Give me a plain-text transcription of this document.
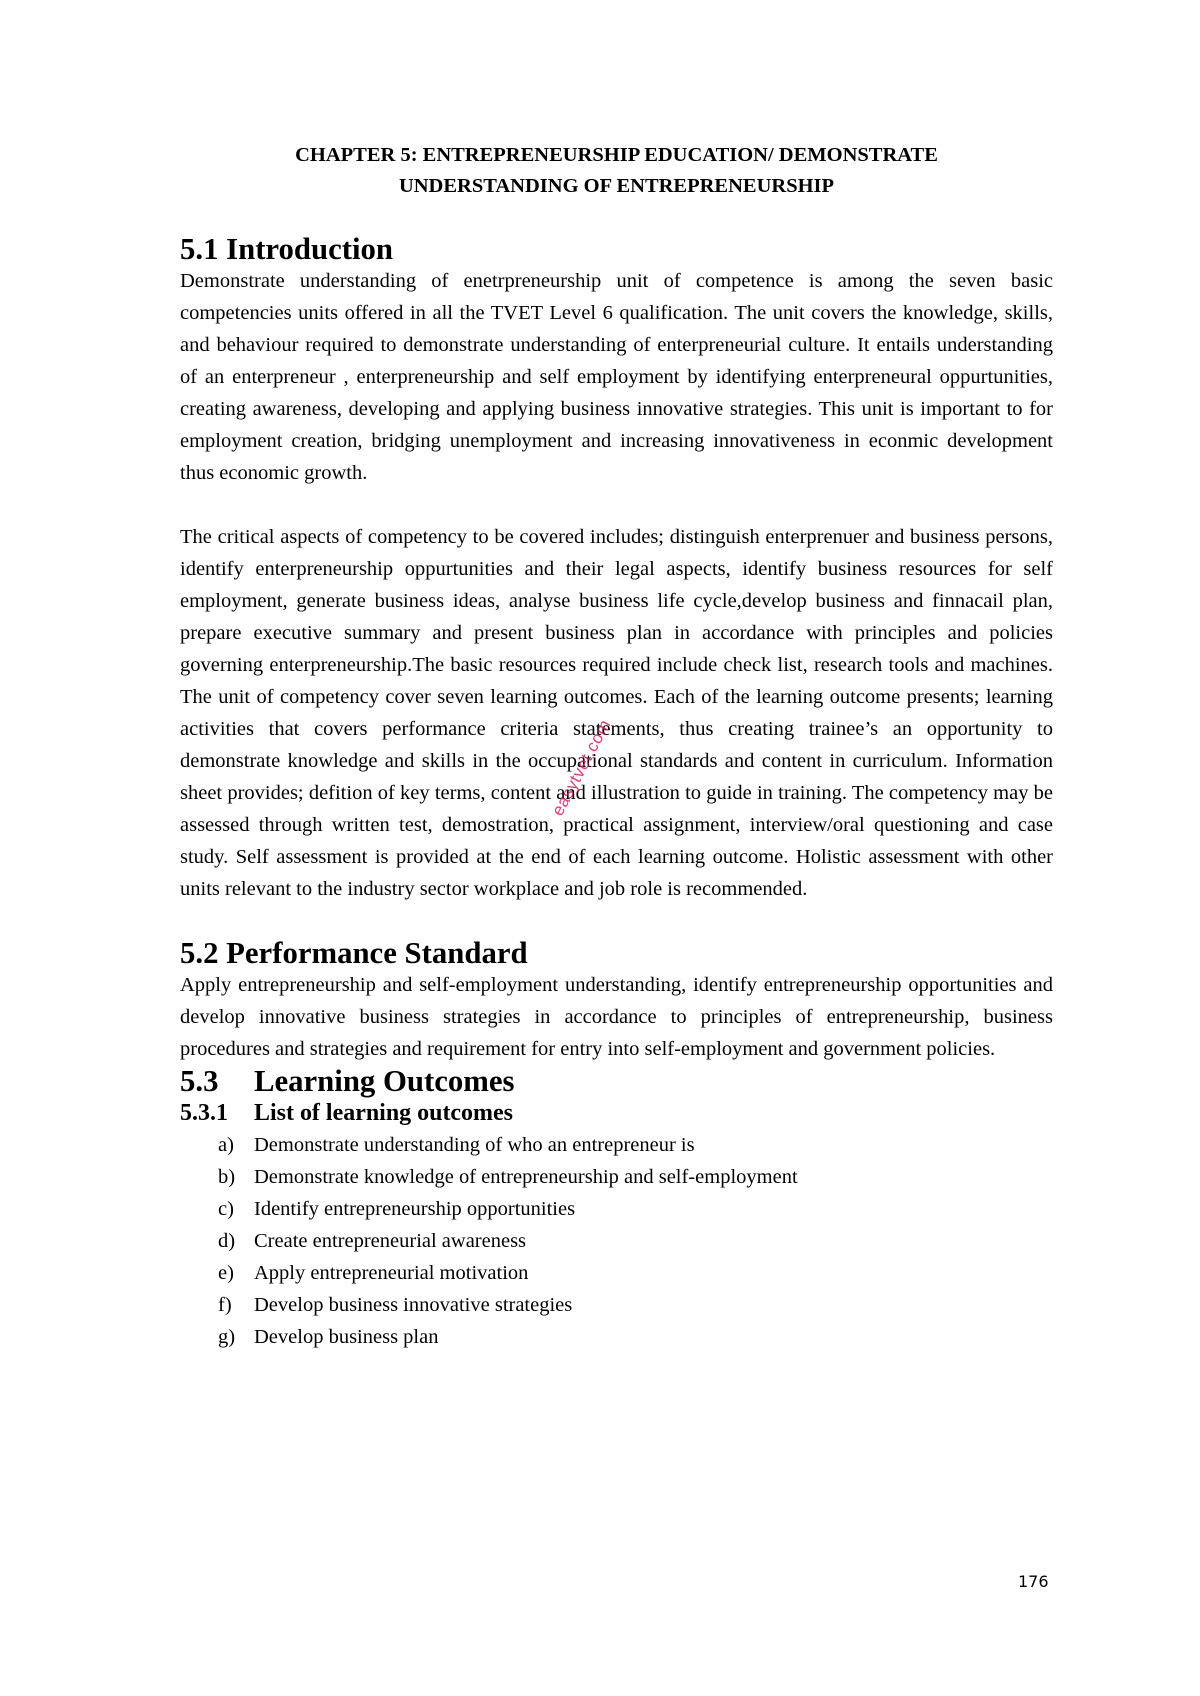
CHAPTER 5: ENTREPRENEURSHIP EDUCATION/ DEMONSTRATE
UNDERSTANDING OF ENTREPRENEURSHIP
5.1 Introduction

Demonstrate understanding of enetrpreneurship unit of competence is among the seven basic competencies units offered in all the TVET Level 6 qualification. The unit covers the knowledge, skills, and behaviour required to demonstrate understanding of enterpreneurial culture. It entails understanding of an enterpreneur , enterpreneurship and self employment by identifying enterpreneural oppurtunities, creating awareness, developing and applying business innovative strategies. This unit is important to for employment creation, bridging unemployment and increasing innovativeness in econmic development thus economic growth.

The critical aspects of competency to be covered includes; distinguish enterprenuer and business persons, identify enterpreneurship oppurtunities and their legal aspects, identify business resources for self employment, generate business ideas, analyse business life cycle,develop business and finnacail plan, prepare executive summary and present business plan in accordance with principles and policies governing enterpreneurship.The basic resources required include check list, research tools and machines. The unit of competency cover seven learning outcomes. Each of the learning outcome presents; learning activities that covers performance criteria statements, thus creating trainee’s an opportunity to demonstrate knowledge and skills in the occupational standards and content in curriculum. Information sheet provides; defition of key terms, content and illustration to guide in training. The competency may be assessed through written test, demostration, practical assignment, interview/oral questioning and case study. Self assessment is provided at the end of each learning outcome. Holistic assessment with other units relevant to the industry sector workplace and job role is recommended.

5.2 Performance Standard

Apply entrepreneurship and self-employment understanding, identify entrepreneurship opportunities and develop innovative business strategies in accordance to principles of entrepreneurship, business procedures and strategies and requirement for entry into self-employment and government policies.

5.3	Learning Outcomes
5.3.1	List of learning outcomes
a) Demonstrate understanding of who an entrepreneur is
b) Demonstrate knowledge of entrepreneurship and self-employment
c) Identify entrepreneurship opportunities
d) Create entrepreneurial awareness
e) Apply entrepreneurial motivation
f)	Develop business innovative strategies
g) Develop business plan
easytvet.com
176
